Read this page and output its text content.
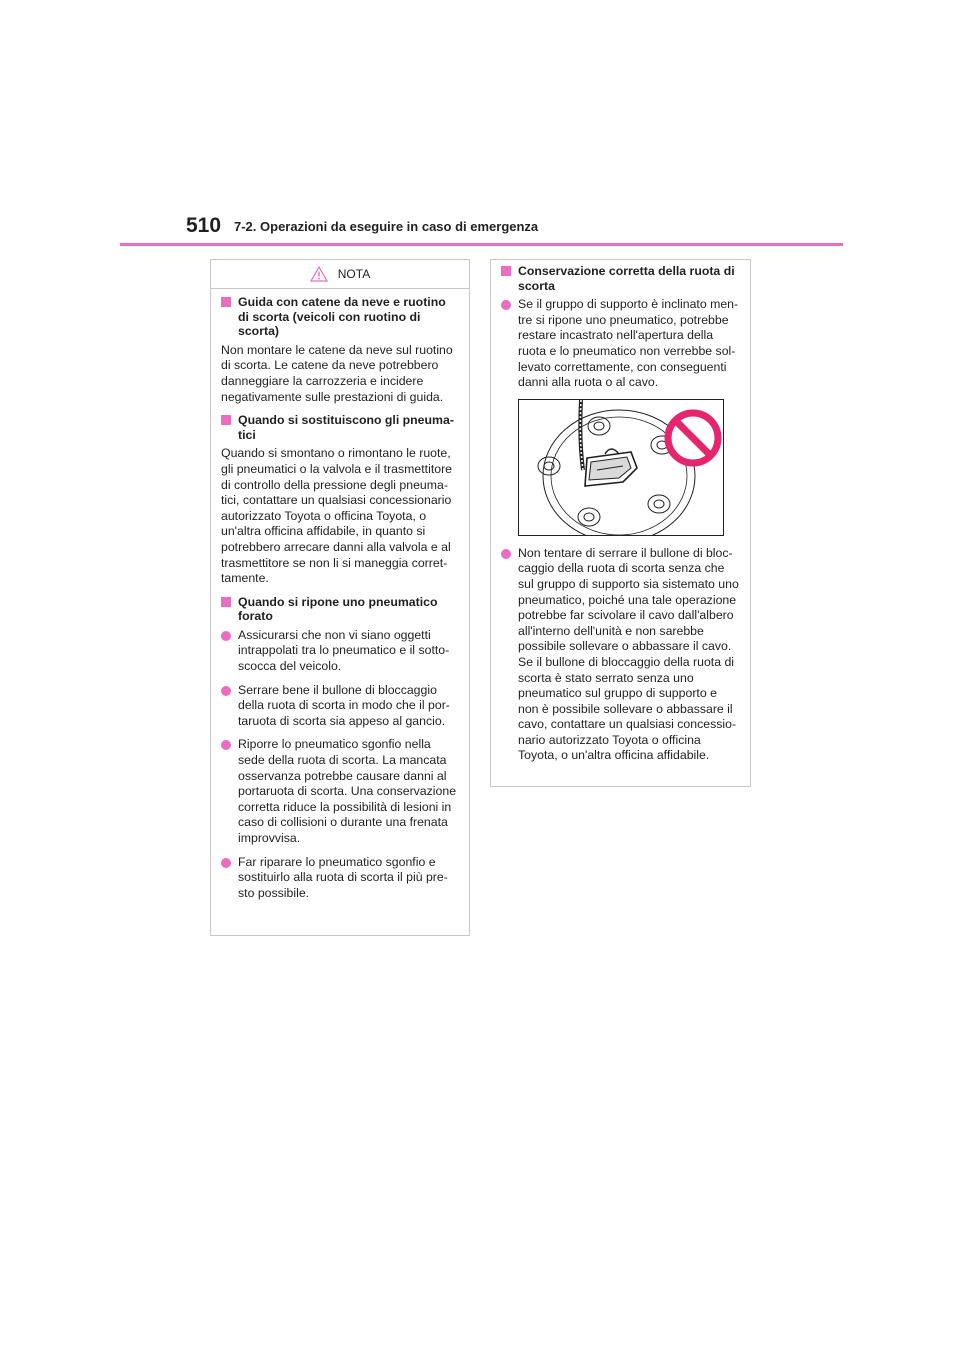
510 7-2. Operazioni da eseguire in caso di emergenza
NOTA
Guida con catene da neve e ruotino di scorta (veicoli con ruotino di scorta)

Non montare le catene da neve sul ruotino di scorta. Le catene da neve potrebbero danneggiare la carrozzeria e incidere negativamente sulle prestazioni di guida.

Quando si sostituiscono gli pneumatici

Quando si smontano o rimontano le ruote, gli pneumatici o la valvola e il trasmettitore di controllo della pressione degli pneumatici, contattare un qualsiasi concessionario autorizzato Toyota o officina Toyota, o un'altra officina affidabile, in quanto si potrebbero arrecare danni alla valvola e al trasmettitore se non li si maneggia correttamente.

Quando si ripone uno pneumatico forato
Assicurarsi che non vi siano oggetti intrappolati tra lo pneumatico e il sottoscocca del veicolo.
Serrare bene il bullone di bloccaggio della ruota di scorta in modo che il portaruota di scorta sia appeso al gancio.
Riporre lo pneumatico sgonfio nella sede della ruota di scorta. La mancata osservanza potrebbe causare danni al portaruota di scorta. Una conservazione corretta riduce la possibilità di lesioni in caso di collisioni o durante una frenata improvvisa.
Far riparare lo pneumatico sgonfio e sostituirlo alla ruota di scorta il più presto possibile.
Conservazione corretta della ruota di scorta
Se il gruppo di supporto è inclinato mentre si ripone uno pneumatico, potrebbe restare incastrato nell'apertura della ruota e lo pneumatico non verrebbe sollevato correttamente, con conseguenti danni alla ruota o al cavo.
Non tentare di serrare il bullone di bloccaggio della ruota di scorta senza che sul gruppo di supporto sia sistemato uno pneumatico, poiché una tale operazione potrebbe far scivolare il cavo dall'albero all'interno dell'unità e non sarebbe possibile sollevare o abbassare il cavo. Se il bullone di bloccaggio della ruota di scorta è stato serrato senza uno pneumatico sul gruppo di supporto e non è possibile sollevare o abbassare il cavo, contattare un qualsiasi concessionario autorizzato Toyota o officina Toyota, o un'altra officina affidabile.
